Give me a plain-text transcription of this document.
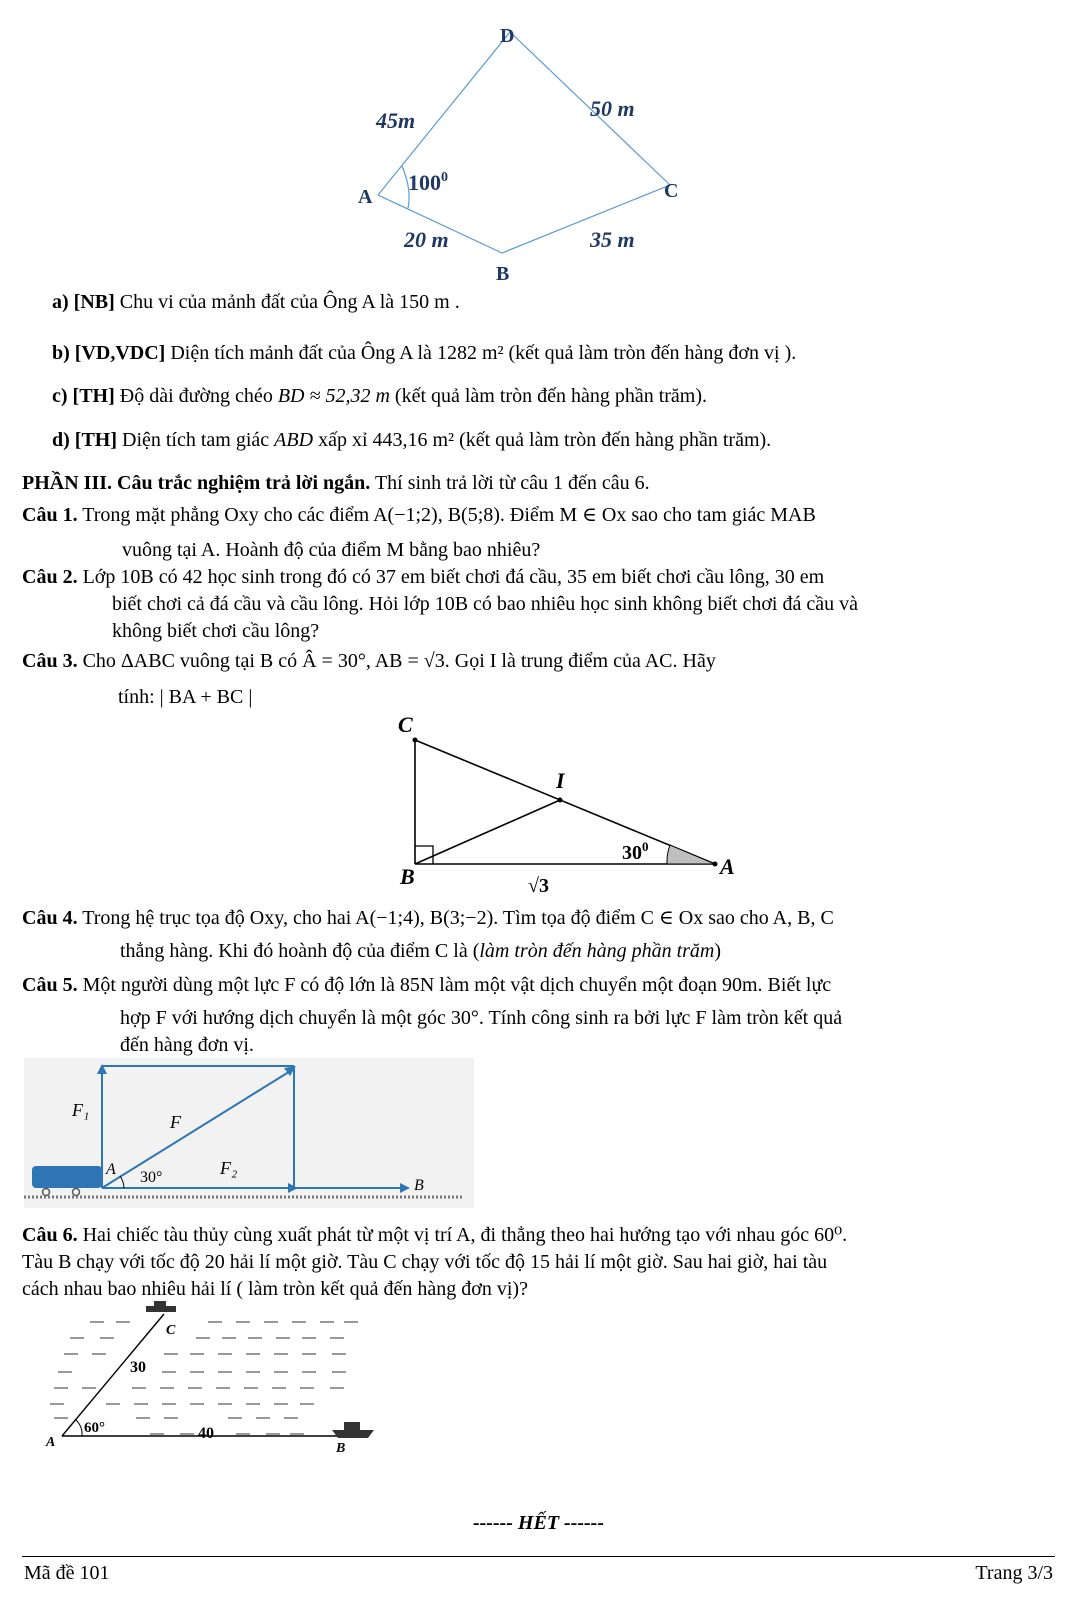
D
A	C
B
45m	50 m
$100^0$
20 m	35 m
a) [NB] Chu vi của mảnh đất của Ông A là 150 m .
b) [VD,VDC] Diện tích mảnh đất của Ông A là 1282 m² (kết quả làm tròn đến hàng đơn vị ).
c) [TH] Độ dài đường chéo BD ≈ 52,32 m (kết quả làm tròn đến hàng phần trăm).
d) [TH] Diện tích tam giác ABD xấp xỉ 443,16 m² (kết quả làm tròn đến hàng phần trăm).
PHẦN III. Câu trắc nghiệm trả lời ngắn. Thí sinh trả lời từ câu 1 đến câu 6.
Câu 1. Trong mặt phẳng Oxy cho các điểm A(−1;2), B(5;8). Điểm M ∈ Ox sao cho tam giác MAB
vuông tại A. Hoành độ của điểm M bằng bao nhiêu?
Câu 2. Lớp 10B có 42 học sinh trong đó có 37 em biết chơi đá cầu, 35 em biết chơi cầu lông, 30 em
biết chơi cả đá cầu và cầu lông. Hỏi lớp 10B có bao nhiêu học sinh không biết chơi đá cầu và
không biết chơi cầu lông?
Câu 3. Cho ΔABC vuông tại B có Â = 30°, AB = √3. Gọi I là trung điểm của AC. Hãy
tính: | BA + BC |
C
I
B	A
$30^0$
√3
Câu 4. Trong hệ trục tọa độ Oxy, cho hai A(−1;4), B(3;−2). Tìm tọa độ điểm C ∈ Ox sao cho A, B, C
thẳng hàng. Khi đó hoành độ của điểm C là (làm tròn đến hàng phần trăm)
Câu 5. Một người dùng một lực F có độ lớn là 85N làm một vật dịch chuyển một đoạn 90m. Biết lực
hợp F với hướng dịch chuyển là một góc 30°. Tính công sinh ra bởi lực F làm tròn kết quả
đến hàng đơn vị.
F₁
F
F₂
A 30°	B
Câu 6. Hai chiếc tàu thủy cùng xuất phát từ một vị trí A, đi thẳng theo hai hướng tạo với nhau góc 60⁰.
Tàu B chạy với tốc độ 20 hải lí một giờ. Tàu C chạy với tốc độ 15 hải lí một giờ. Sau hai giờ, hai tàu
cách nhau bao nhiêu hải lí ( làm tròn kết quả đến hàng đơn vị)?
C
30
60°	40
A	B
------ HẾT ------
Mã đề 101	Trang 3/3
